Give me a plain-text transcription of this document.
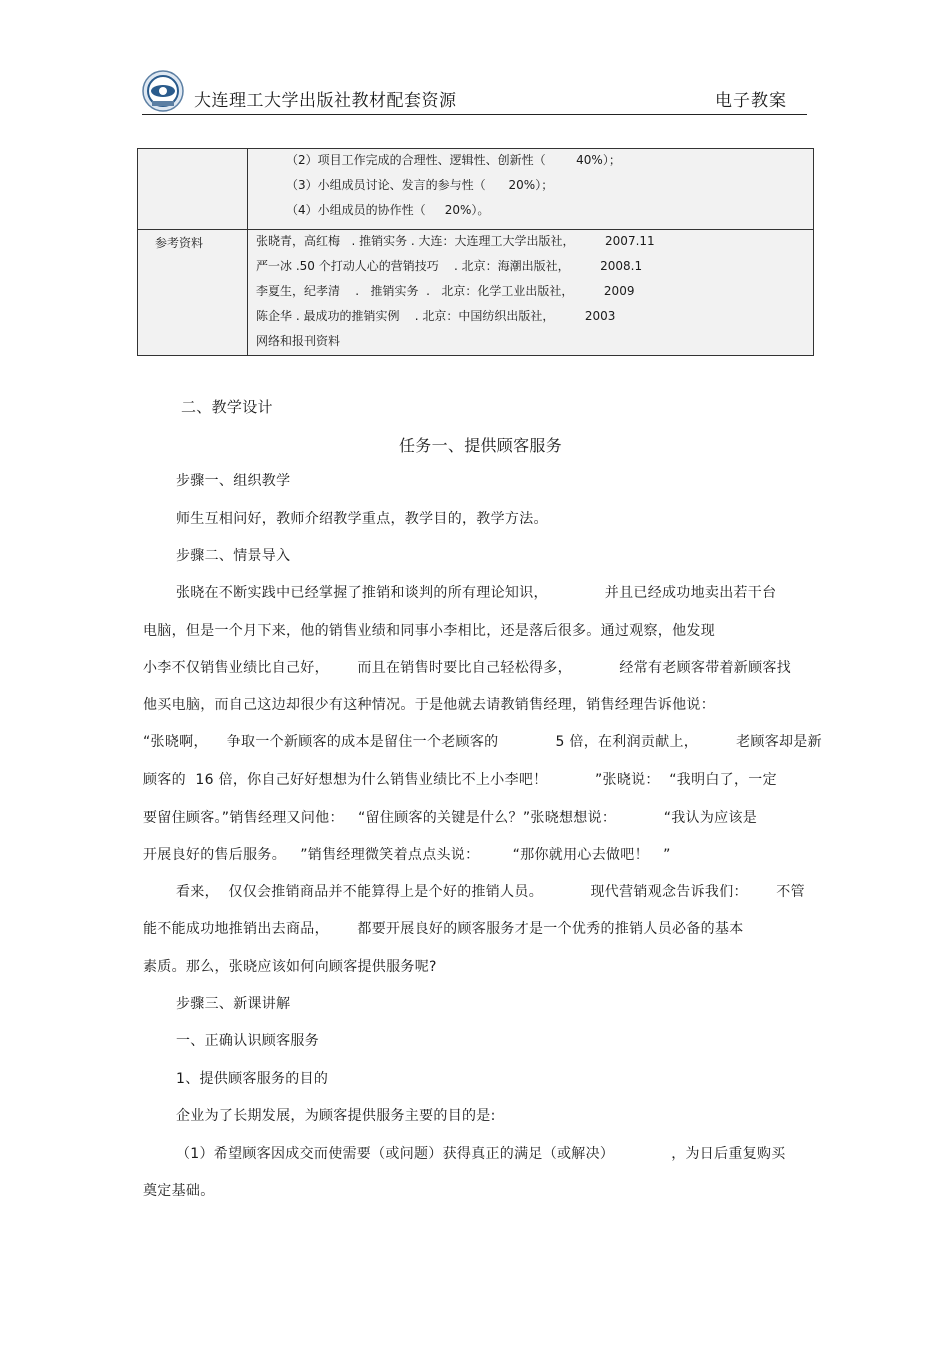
大连理工大学出版社教材配套资源	电子教案

	（2）项目工作完成的合理性、逻辑性、创新性（        40%）；
（3）小组成员讨论、发言的参与性（      20%）；
（4）小组成员的协作性（     20%）。

参考资料	张晓青，高红梅   . 推销实务 . 大连：大连理工大学出版社，        2007.11
严一冰 .50 个打动人心的营销技巧    . 北京：海潮出版社，        2008.1
李夏生，纪孝清    .   推销实务  .   北京：化学工业出版社，        2009
陈企华 . 最成功的推销实例    . 北京：中国纺织出版社，        2003
网络和报刊资料
二、教学设计
任务一、提供顾客服务
步骤一、组织教学
师生互相问好，教师介绍教学重点，教学目的，教学方法。
步骤二、情景导入
张晓在不断实践中已经掌握了推销和谈判的所有理论知识，            并且已经成功地卖出若干台
电脑，但是一个月下来，他的销售业绩和同事小李相比，还是落后很多。通过观察，他发现
小李不仅销售业绩比自己好，      而且在销售时要比自己轻松得多，          经常有老顾客带着新顾客找
他买电脑，而自己这边却很少有这种情况。于是他就去请教销售经理，销售经理告诉他说：
“张晓啊，    争取一个新顾客的成本是留住一个老顾客的            5 倍，在利润贡献上，        老顾客却是新
顾客的  16 倍，你自己好好想想为什么销售业绩比不上小李吧！          ”张晓说：  “我明白了，一定
要留住顾客。”销售经理又问他：   “留住顾客的关键是什么？”张晓想想说：          “我认为应该是
开展良好的售后服务。   ”销售经理微笑着点点头说：       “那你就用心去做吧！   ”
看来，  仅仅会推销商品并不能算得上是个好的推销人员。          现代营销观念告诉我们：      不管
能不能成功地推销出去商品，      都要开展良好的顾客服务才是一个优秀的推销人员必备的基本
素质。那么，张晓应该如何向顾客提供服务呢?
步骤三、新课讲解
一、正确认识顾客服务
1、提供顾客服务的目的
企业为了长期发展，为顾客提供服务主要的目的是:
（1）希望顾客因成交而使需要（或问题）获得真正的满足（或解决）            ，为日后重复购买
奠定基础。
